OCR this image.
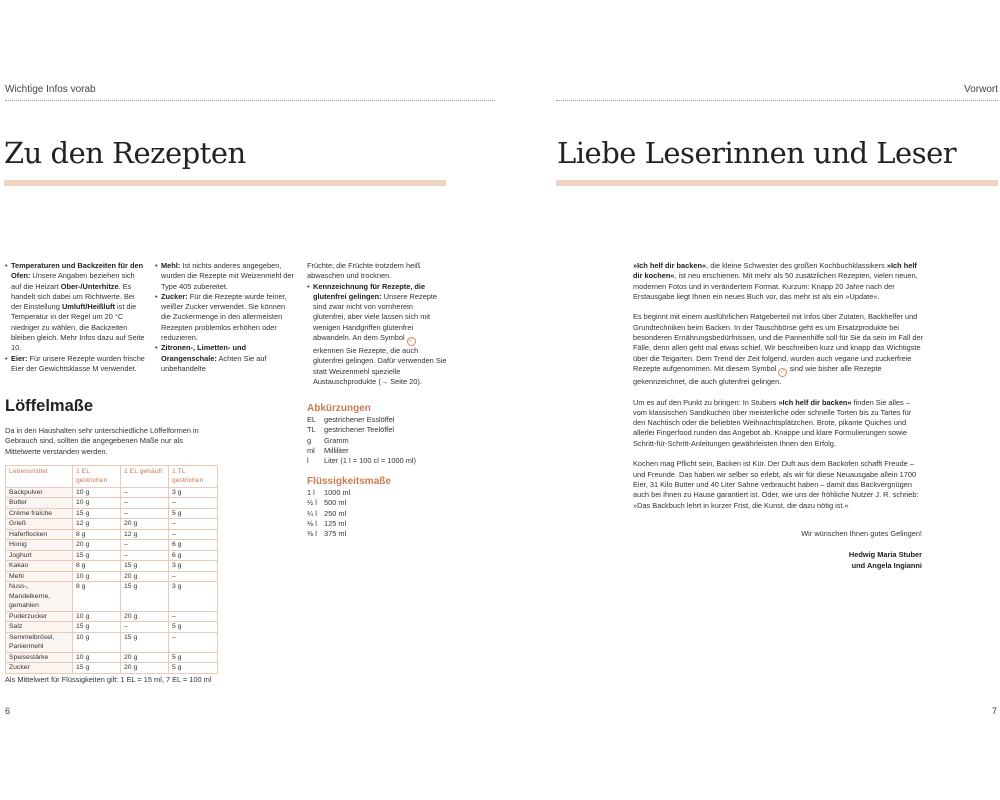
Wichtige Infos vorab
Zu den Rezepten

• Temperaturen und Backzeiten für den Ofen: Unsere Angaben beziehen sich auf die Heizart Ober-/Unterhitze. Es handelt sich dabei um Richtwerte. Bei der Einstellung Umluft/Heißluft ist die Temperatur in der Regel um 20 °C niedriger zu wählen, die Backzeiten bleiben gleich. Mehr Infos dazu auf Seite 10.

• Eier: Für unsere Rezepte wurden frische Eier der Gewichtsklasse M verwendet.

• Mehl: Ist nichts anderes angegeben, wurden die Rezepte mit Weizenmehl der Type 405 zubereitet.

• Zucker: Für die Rezepte wurde feiner, weißer Zucker verwendet. Sie können die Zuckermenge in den allermeisten Rezepten problemlos erhöhen oder reduzieren.

• Zitronen-, Limetten- und Orangenschale: Achten Sie auf unbehandelte

Früchte; die Früchte trotzdem heiß abwaschen und trocknen.

• Kennzeichnung für Rezepte, die glutenfrei gelingen: Unsere Rezepte sind zwar nicht von vornherein glutenfrei, aber viele lassen sich mit wenigen Handgriffen glutenfrei abwandeln. An dem Symbol ✓ erkennen Sie Rezepte, die auch glutenfrei gelingen. Dafür verwenden Sie statt Weizenmehl spezielle Austauschprodukte (→ Seite 20).

Löffelmaße
Da in den Haushalten sehr unterschiedliche Löffelformen in Gebrauch sind, sollten die angegebenen Maße nur als Mittelwerte verstanden werden.
Lebensmittel	1 EL gestrichen	1 EL gehäuft	1 TL gestrichen
Backpulver	10 g	–	3 g
Butter	10 g	–	–
Crème fraîche	15 g	–	5 g
Grieß	12 g	20 g	–
Haferflocken	8 g	12 g	–
Honig	20 g	–	6 g
Joghurt	15 g	–	6 g
Kakao	8 g	15 g	3 g
Mehl	10 g	20 g	–
Nuss-, Mandelkerne, gemahlen	8 g	15 g	3 g
Puderzucker	10 g	20 g	–
Salz	15 g	–	5 g
Semmelbrösel, Paniermehl	10 g	15 g	–
Speisestärke	10 g	20 g	5 g
Zucker	15 g	20 g	5 g
Als Mittelwert für Flüssigkeiten gilt: 1 EL = 15 ml, 7 EL = 100 ml
Abkürzungen
EL gestrichener Esslöffel
TL gestrichener Teelöffel
g Gramm
ml Milliliter
l Liter (1 l = 100 cl = 1000 ml)
Flüssigkeitsmaße
1 l 1000 ml
½ l 500 ml
¼ l 250 ml
⅛ l 125 ml
⅜ l 375 ml
6
Vorwort
Liebe Leserinnen und Leser

»Ich helf dir backen«, die kleine Schwester des großen Kochbuchklassikers »Ich helf dir kochen«, ist neu erschienen. Mit mehr als 50 zusätzlichen Rezepten, vielen neuen, modernen Fotos und in verändertem Format. Kurzum: Knapp 20 Jahre nach der Erstausgabe liegt Ihnen ein neues Buch vor, das mehr ist als ein »Update«.

Es beginnt mit einem ausführlichen Ratgeberteil mit Infos über Zutaten, Backhelfer und Grundtechniken beim Backen. In der Tauschbörse geht es um Ersatzprodukte bei besonderen Ernährungsbedürfnissen, und die Pannenhilfe soll für Sie da sein im Fall der Fälle, denn allen geht mal etwas schief. Wir beschreiben kurz und knapp das Wichtigste über die Teigarten. Dem Trend der Zeit folgend, wurden auch vegane und zuckerfreie Rezepte aufgenommen. Mit diesem Symbol ✓ sind wie bisher alle Rezepte gekennzeichnet, die auch glutenfrei gelingen.

Um es auf den Punkt zu bringen: In Stubers »Ich helf dir backen« finden Sie alles – vom klassischen Sandkuchen über meisterliche oder schnelle Torten bis zu Tartes für den Nachtisch oder die beliebten Weihnachtsplätzchen. Brote, pikante Quiches und allerlei Fingerfood runden das Angebot ab. Knappe und klare Formulierungen sowie Schritt-für-Schritt-Anleitungen gewährleisten Ihnen den Erfolg.

Kochen mag Pflicht sein, Backen ist Kür. Der Duft aus dem Backofen schafft Freude – und Freunde. Das haben wir selber so erlebt, als wir für diese Neuausgabe allein 1700 Eier, 31 Kilo Butter und 40 Liter Sahne verbraucht haben – damit das Backvergnügen auch bei Ihnen zu Hause garantiert ist. Oder, wie uns der fröhliche Nutzer J. R. schrieb: »Das Backbuch lehrt in kurzer Frist, die Kunst, die dazu nötig ist.«

Wir wünschen Ihnen gutes Gelingen!
Hedwig Maria Stuber
und Angela Ingianni
7
